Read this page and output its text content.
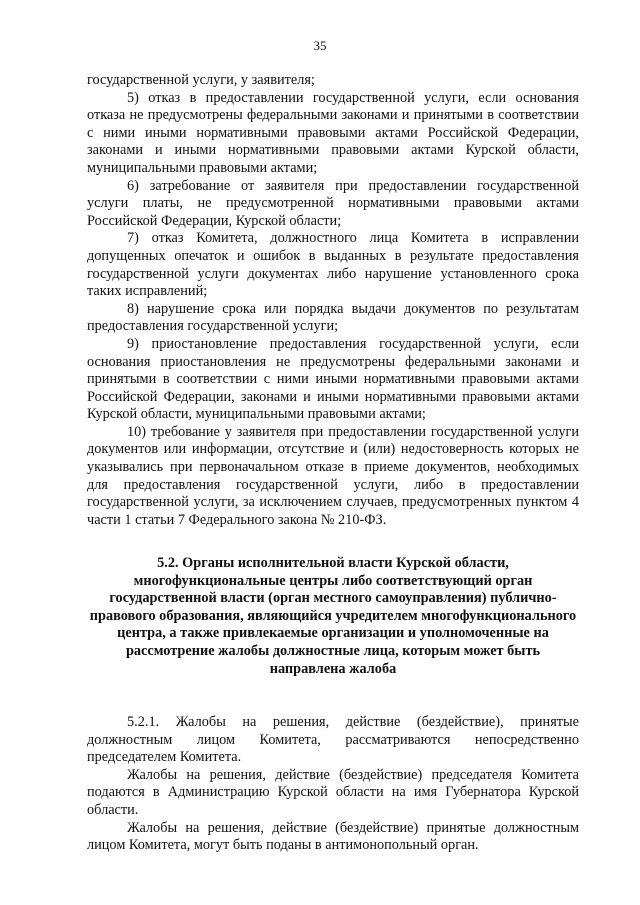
35

государственной услуги, у заявителя;

5) отказ в предоставлении государственной услуги, если основания отказа не предусмотрены федеральными законами и принятыми в соответствии с ними иными нормативными правовыми актами Российской Федерации, законами и иными нормативными правовыми актами Курской области, муниципальными правовыми актами;

6) затребование от заявителя при предоставлении государственной услуги платы, не предусмотренной нормативными правовыми актами Российской Федерации, Курской области;

7) отказ Комитета, должностного лица Комитета в исправлении допущенных опечаток и ошибок в выданных в результате предоставления государственной услуги документах либо нарушение установленного срока таких исправлений;

8) нарушение срока или порядка выдачи документов по результатам предоставления государственной услуги;

9) приостановление предоставления государственной услуги, если основания приостановления не предусмотрены федеральными законами и принятыми в соответствии с ними иными нормативными правовыми актами Российской Федерации, законами и иными нормативными правовыми актами Курской области, муниципальными правовыми актами;

10) требование у заявителя при предоставлении государственной услуги документов или информации, отсутствие и (или) недостоверность которых не указывались при первоначальном отказе в приеме документов, необходимых для предоставления государственной услуги, либо в предоставлении государственной услуги, за исключением случаев, предусмотренных пунктом 4 части 1 статьи 7 Федерального закона № 210-ФЗ.

5.2. Органы исполнительной власти Курской области, многофункциональные центры либо соответствующий орган государственной власти (орган местного самоуправления) публично-правового образования, являющийся учредителем многофункционального центра, а также привлекаемые организации и уполномоченные на рассмотрение жалобы должностные лица, которым может быть направлена жалоба

5.2.1. Жалобы на решения, действие (бездействие), принятые должностным лицом Комитета, рассматриваются непосредственно председателем Комитета.

Жалобы на решения, действие (бездействие) председателя Комитета подаются в Администрацию Курской области на имя Губернатора Курской области.

Жалобы на решения, действие (бездействие) принятые должностным лицом Комитета, могут быть поданы в антимонопольный орган.
